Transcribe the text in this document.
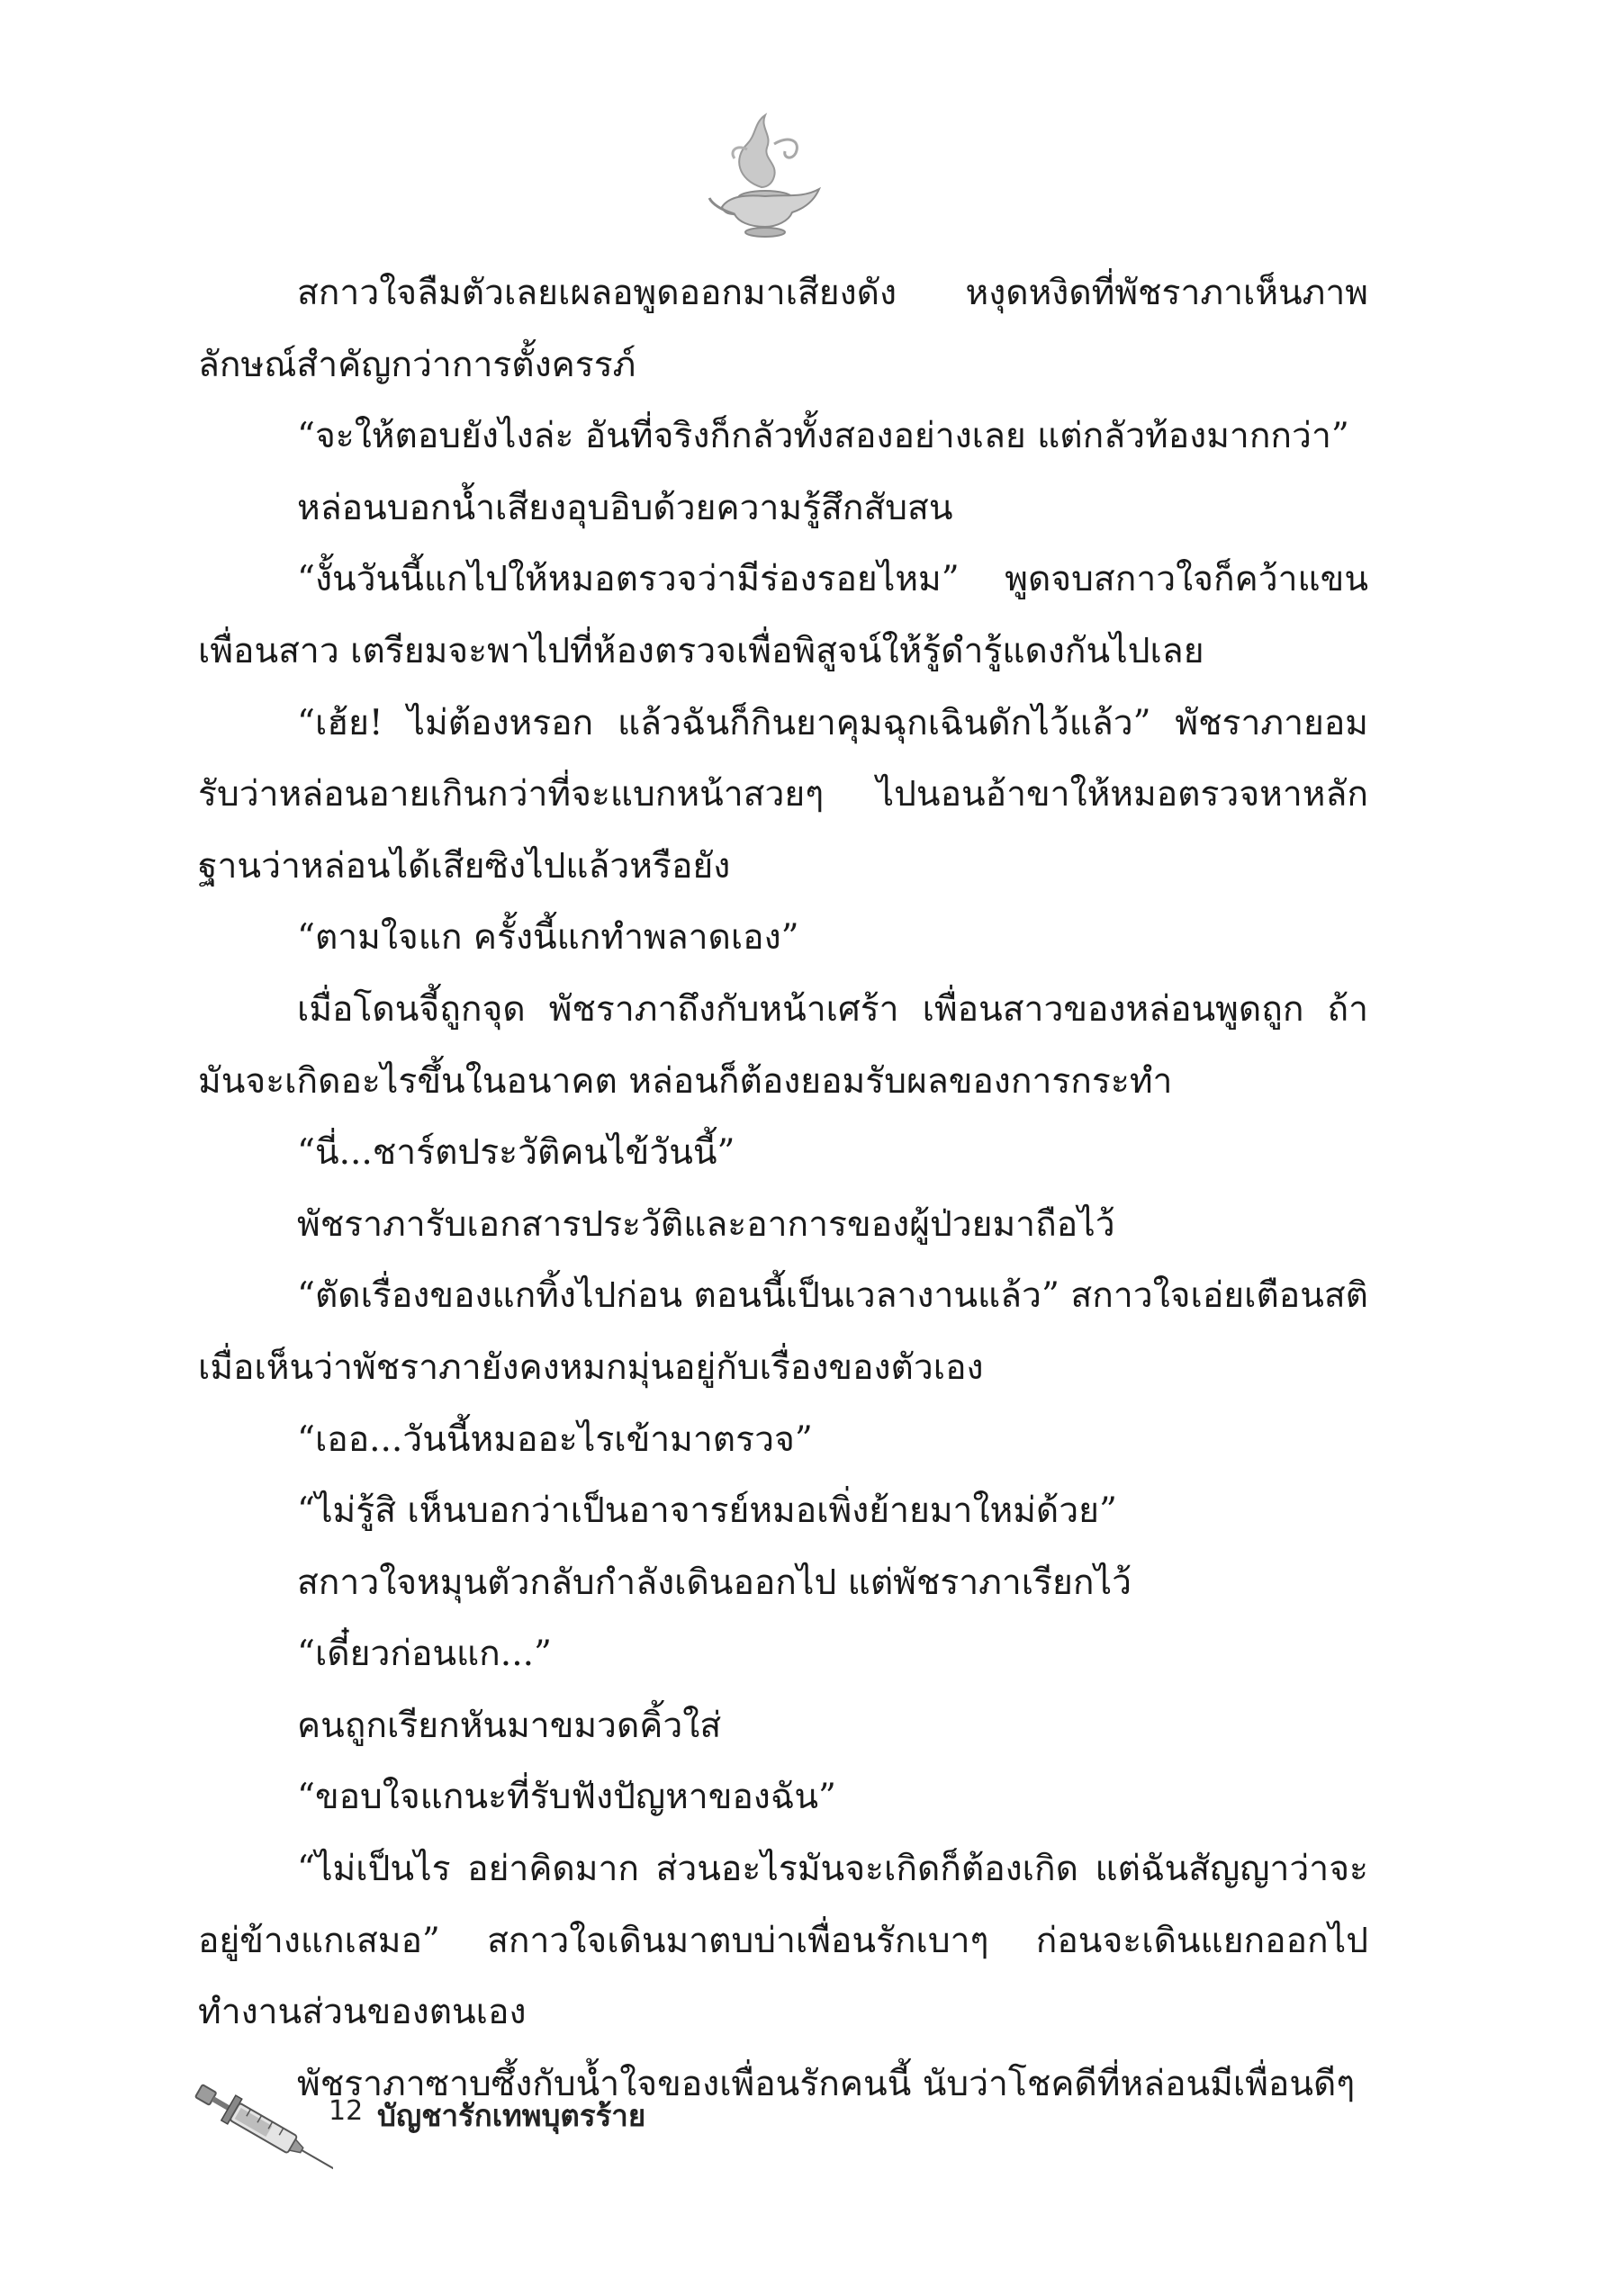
สกาวใจลืมตัวเลยเผลอพูดออกมาเสียงดัง หงุดหงิดที่พัชราภาเห็นภาพลักษณ์สำคัญกว่าการตั้งครรภ์

“จะให้ตอบยังไงล่ะ อันที่จริงก็กลัวทั้งสองอย่างเลย แต่กลัวท้องมากกว่า”

หล่อนบอกน้ำเสียงอุบอิบด้วยความรู้สึกสับสน

“งั้นวันนี้แกไปให้หมอตรวจว่ามีร่องรอยไหม” พูดจบสกาวใจก็คว้าแขนเพื่อนสาว เตรียมจะพาไปที่ห้องตรวจเพื่อพิสูจน์ให้รู้ดำรู้แดงกันไปเลย

“เฮ้ย! ไม่ต้องหรอก แล้วฉันก็กินยาคุมฉุกเฉินดักไว้แล้ว” พัชราภายอมรับว่าหล่อนอายเกินกว่าที่จะแบกหน้าสวยๆ ไปนอนอ้าขาให้หมอตรวจหาหลักฐานว่าหล่อนได้เสียซิงไปแล้วหรือยัง

“ตามใจแก ครั้งนี้แกทำพลาดเอง”

เมื่อโดนจี้ถูกจุด พัชราภาถึงกับหน้าเศร้า เพื่อนสาวของหล่อนพูดถูก ถ้ามันจะเกิดอะไรขึ้นในอนาคต หล่อนก็ต้องยอมรับผลของการกระทำ

“นี่...ชาร์ตประวัติคนไข้วันนี้”

พัชราภารับเอกสารประวัติและอาการของผู้ป่วยมาถือไว้

“ตัดเรื่องของแกทิ้งไปก่อน ตอนนี้เป็นเวลางานแล้ว” สกาวใจเอ่ยเตือนสติเมื่อเห็นว่าพัชราภายังคงหมกมุ่นอยู่กับเรื่องของตัวเอง

“เออ...วันนี้หมออะไรเข้ามาตรวจ”

“ไม่รู้สิ เห็นบอกว่าเป็นอาจารย์หมอเพิ่งย้ายมาใหม่ด้วย”

สกาวใจหมุนตัวกลับกำลังเดินออกไป แต่พัชราภาเรียกไว้

“เดี๋ยวก่อนแก...”

คนถูกเรียกหันมาขมวดคิ้วใส่

“ขอบใจแกนะที่รับฟังปัญหาของฉัน”

“ไม่เป็นไร อย่าคิดมาก ส่วนอะไรมันจะเกิดก็ต้องเกิด แต่ฉันสัญญาว่าจะอยู่ข้างแกเสมอ” สกาวใจเดินมาตบบ่าเพื่อนรักเบาๆ ก่อนจะเดินแยกออกไปทำงานส่วนของตนเอง

พัชราภาซาบซึ้งกับน้ำใจของเพื่อนรักคนนี้ นับว่าโชคดีที่หล่อนมีเพื่อนดีๆ

12 บัญชารักเทพบุตรร้าย
